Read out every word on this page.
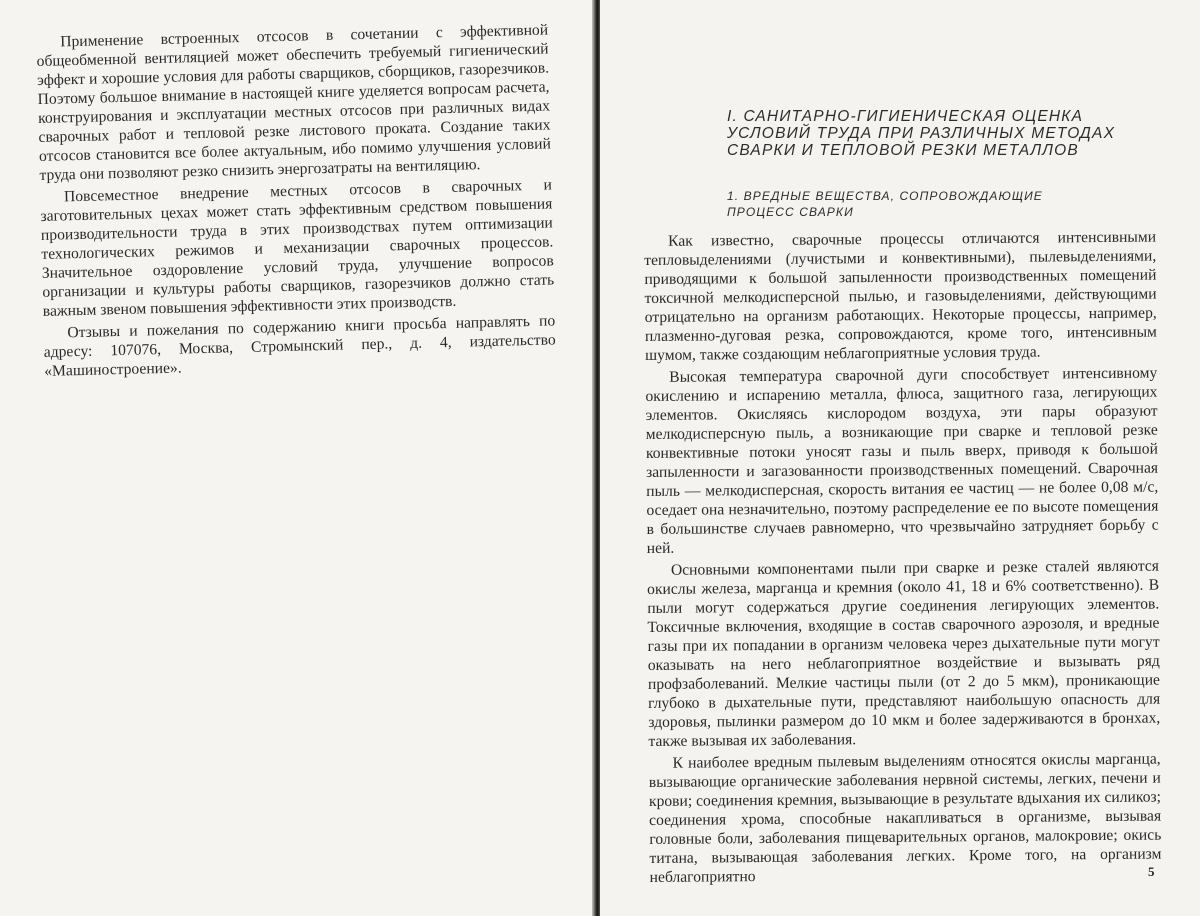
Применение встроенных отсосов в сочетании с эффективной общеобменной вентиляцией может обеспечить требуемый гигиенический эффект и хорошие условия для работы сварщиков, сборщиков, газорезчиков. Поэтому большое внимание в настоящей книге уделяется вопросам расчета, конструирования и эксплуатации местных отсосов при различных видах сварочных работ и тепловой резке листового проката. Создание таких отсосов становится все более актуальным, ибо помимо улучшения условий труда они позволяют резко снизить энергозатраты на вентиляцию.

Повсеместное внедрение местных отсосов в сварочных и заготовительных цехах может стать эффективным средством повышения производительности труда в этих производствах путем оптимизации технологических режимов и механизации сварочных процессов. Значительное оздоровление условий труда, улучшение вопросов организации и культуры работы сварщиков, газорезчиков должно стать важным звеном повышения эффективности этих производств.

Отзывы и пожелания по содержанию книги просьба направлять по адресу: 107076, Москва, Стромынский пер., д. 4, издательство «Машиностроение».

I. САНИТАРНО-ГИГИЕНИЧЕСКАЯ ОЦЕНКА УСЛОВИЙ ТРУДА ПРИ РАЗЛИЧНЫХ МЕТОДАХ СВАРКИ И ТЕПЛОВОЙ РЕЗКИ МЕТАЛЛОВ
1. ВРЕДНЫЕ ВЕЩЕСТВА, СОПРОВОЖДАЮЩИЕ ПРОЦЕСС СВАРКИ

Как известно, сварочные процессы отличаются интенсивными тепловыделениями (лучистыми и конвективными), пылевыделениями, приводящими к большой запыленности производственных помещений токсичной мелкодисперсной пылью, и газовыделениями, действующими отрицательно на организм работающих. Некоторые процессы, например, плазменно-дуговая резка, сопровождаются, кроме того, интенсивным шумом, также создающим неблагоприятные условия труда.

Высокая температура сварочной дуги способствует интенсивному окислению и испарению металла, флюса, защитного газа, легирующих элементов. Окисляясь кислородом воздуха, эти пары образуют мелкодисперсную пыль, а возникающие при сварке и тепловой резке конвективные потоки уносят газы и пыль вверх, приводя к большой запыленности и загазованности производственных помещений. Сварочная пыль — мелкодисперсная, скорость витания ее частиц — не более 0,08 м/с, оседает она незначительно, поэтому распределение ее по высоте помещения в большинстве случаев равномерно, что чрезвычайно затрудняет борьбу с ней.

Основными компонентами пыли при сварке и резке сталей являются окислы железа, марганца и кремния (около 41, 18 и 6% соответственно). В пыли могут содержаться другие соединения легирующих элементов. Токсичные включения, входящие в состав сварочного аэрозоля, и вредные газы при их попадании в организм человека через дыхательные пути могут оказывать на него неблагоприятное воздействие и вызывать ряд профзаболеваний. Мелкие частицы пыли (от 2 до 5 мкм), проникающие глубоко в дыхательные пути, представляют наибольшую опасность для здоровья, пылинки размером до 10 мкм и более задерживаются в бронхах, также вызывая их заболевания.

К наиболее вредным пылевым выделениям относятся окислы марганца, вызывающие органические заболевания нервной системы, легких, печени и крови; соединения кремния, вызывающие в результате вдыхания их силикоз; соединения хрома, способные накапливаться в организме, вызывая головные боли, заболевания пищеварительных органов, малокровие; окись титана, вызывающая заболевания легких. Кроме того, на организм неблагоприятно	5
